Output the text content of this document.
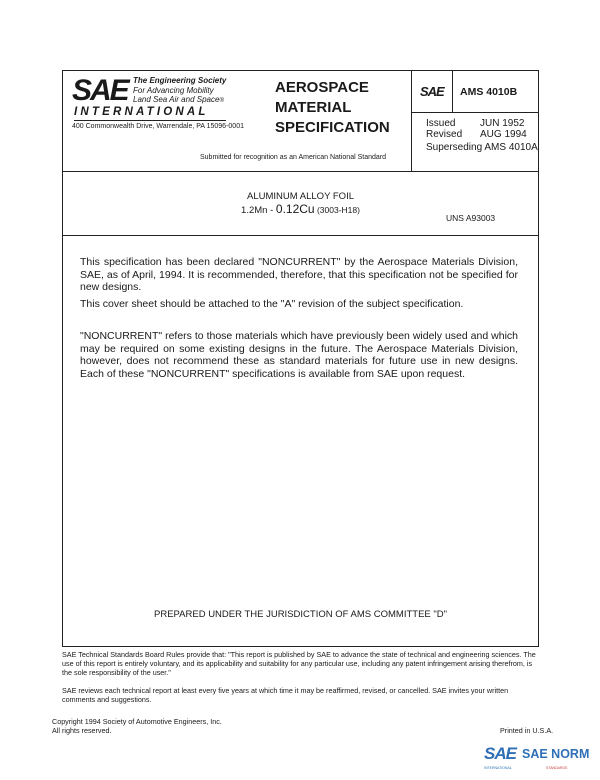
SAE The Engineering Society
For Advancing Mobility
Land Sea Air and Space®
INTERNATIONAL
400 Commonwealth Drive, Warrendale, PA 15096-0001
AEROSPACE
MATERIAL
SPECIFICATION
Submitted for recognition as an American National Standard
SAE AMS 4010B
Issued JUN 1952
Revised AUG 1994
Superseding AMS 4010A
ALUMINUM ALLOY FOIL
1.2Mn - 0.12Cu (3003-H18)
UNS A93003
This specification has been declared "NONCURRENT" by the Aerospace Materials Division, SAE, as of April, 1994. It is recommended, therefore, that this specification not be specified for new designs.
This cover sheet should be attached to the "A" revision of the subject specification.
"NONCURRENT" refers to those materials which have previously been widely used and which may be required on some existing designs in the future. The Aerospace Materials Division, however, does not recommend these as standard materials for future use in new designs. Each of these "NONCURRENT" specifications is available from SAE upon request.
PREPARED UNDER THE JURISDICTION OF AMS COMMITTEE "D"
SAE Technical Standards Board Rules provide that: "This report is published by SAE to advance the state of technical and engineering sciences. The use of this report is entirely voluntary, and its applicability and suitability for any particular use, including any patent infringement arising therefrom, is the sole responsibility of the user."
SAE reviews each technical report at least every five years at which time it may be reaffirmed, revised, or cancelled. SAE invites your written comments and suggestions.
Copyright 1994 Society of Automotive Engineers, Inc.
All rights reserved.	Printed in U.S.A.
SAE SAE NORM
INTERNATIONAL	STANDARDS
